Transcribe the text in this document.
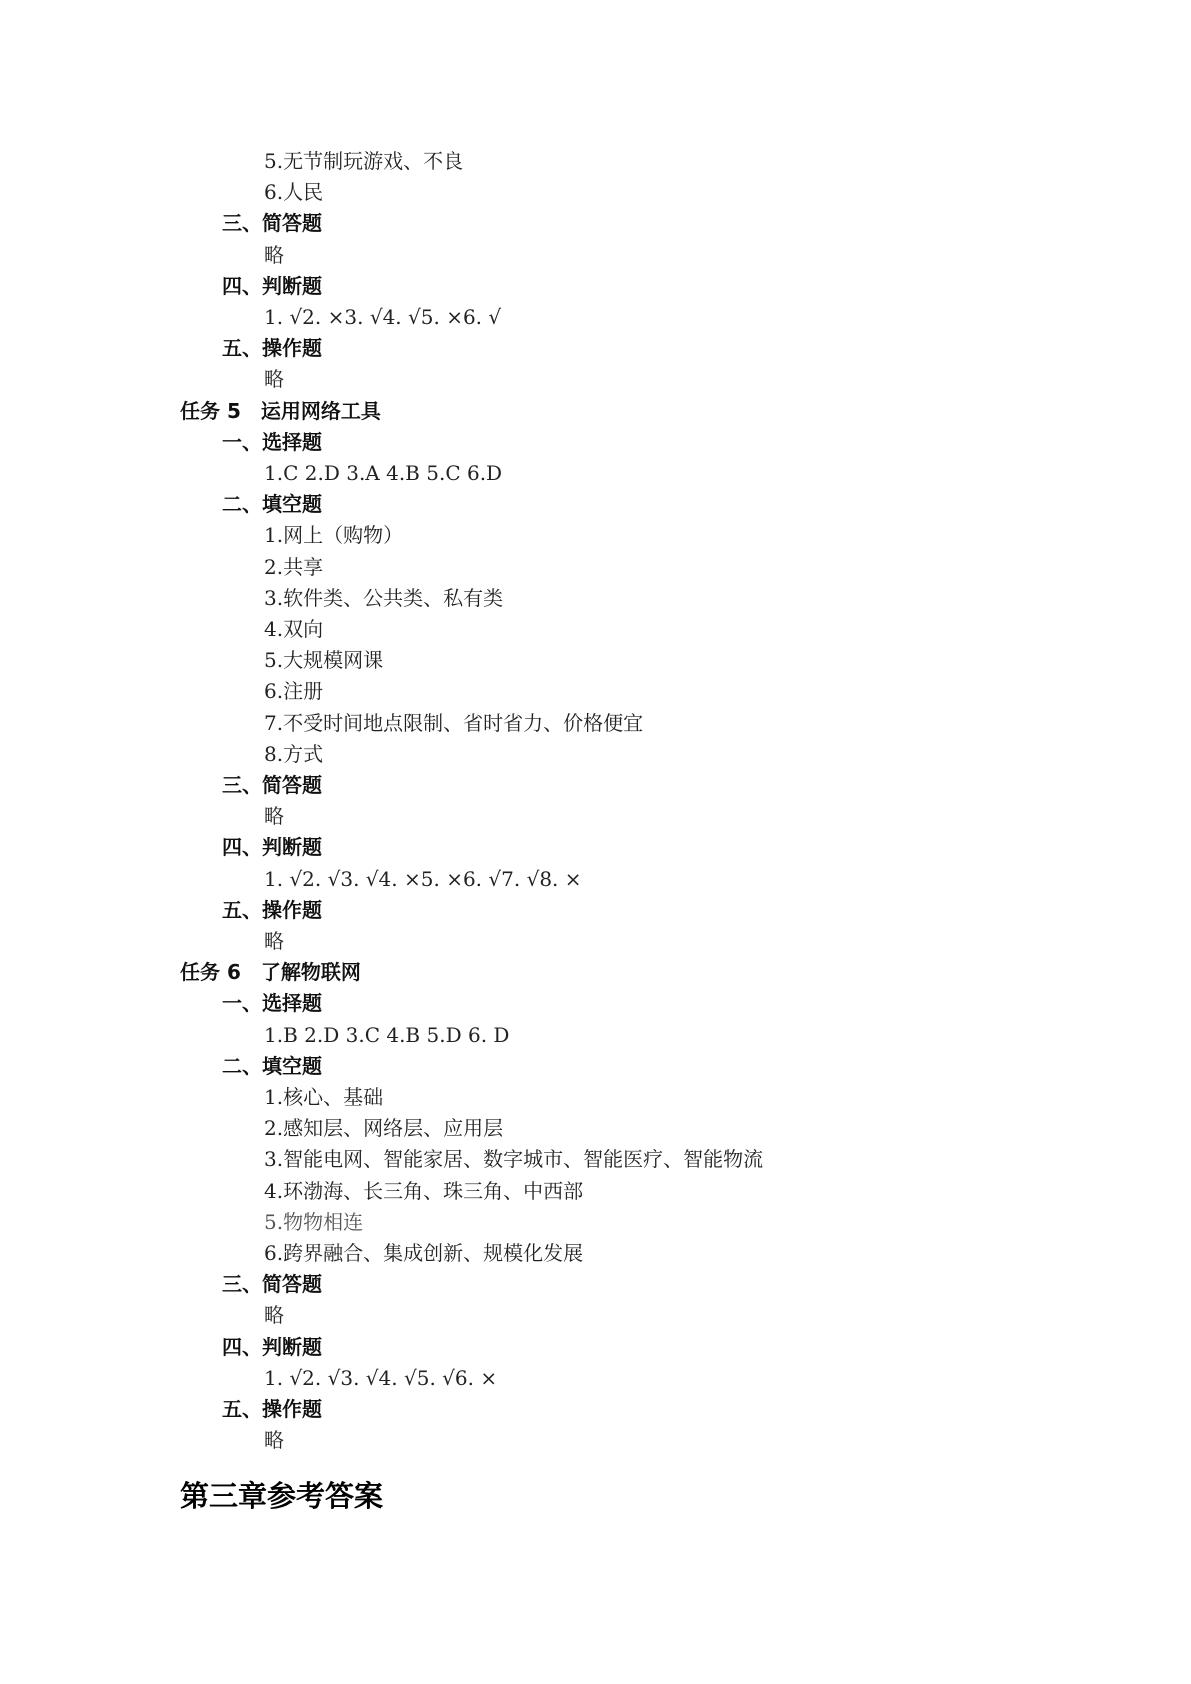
5.无节制玩游戏、不良
6.人民
三、简答题
略
四、判断题
1. √2. ×3. √4. √5. ×6. √
五、操作题
略
任务 5　运用网络工具
一、选择题
1.C 2.D 3.A 4.B 5.C 6.D
二、填空题
1.网上（购物）
2.共享
3.软件类、公共类、私有类
4.双向
5.大规模网课
6.注册
7.不受时间地点限制、省时省力、价格便宜
8.方式
三、简答题
略
四、判断题
1. √2. √3. √4. ×5. ×6. √7. √8. ×
五、操作题
略
任务 6　了解物联网
一、选择题
1.B 2.D 3.C 4.B 5.D 6. D
二、填空题
1.核心、基础
2.感知层、网络层、应用层
3.智能电网、智能家居、数字城市、智能医疗、智能物流
4.环渤海、长三角、珠三角、中西部
5.物物相连
6.跨界融合、集成创新、规模化发展
三、简答题
略
四、判断题
1. √2. √3. √4. √5. √6. ×
五、操作题
略
第三章参考答案
